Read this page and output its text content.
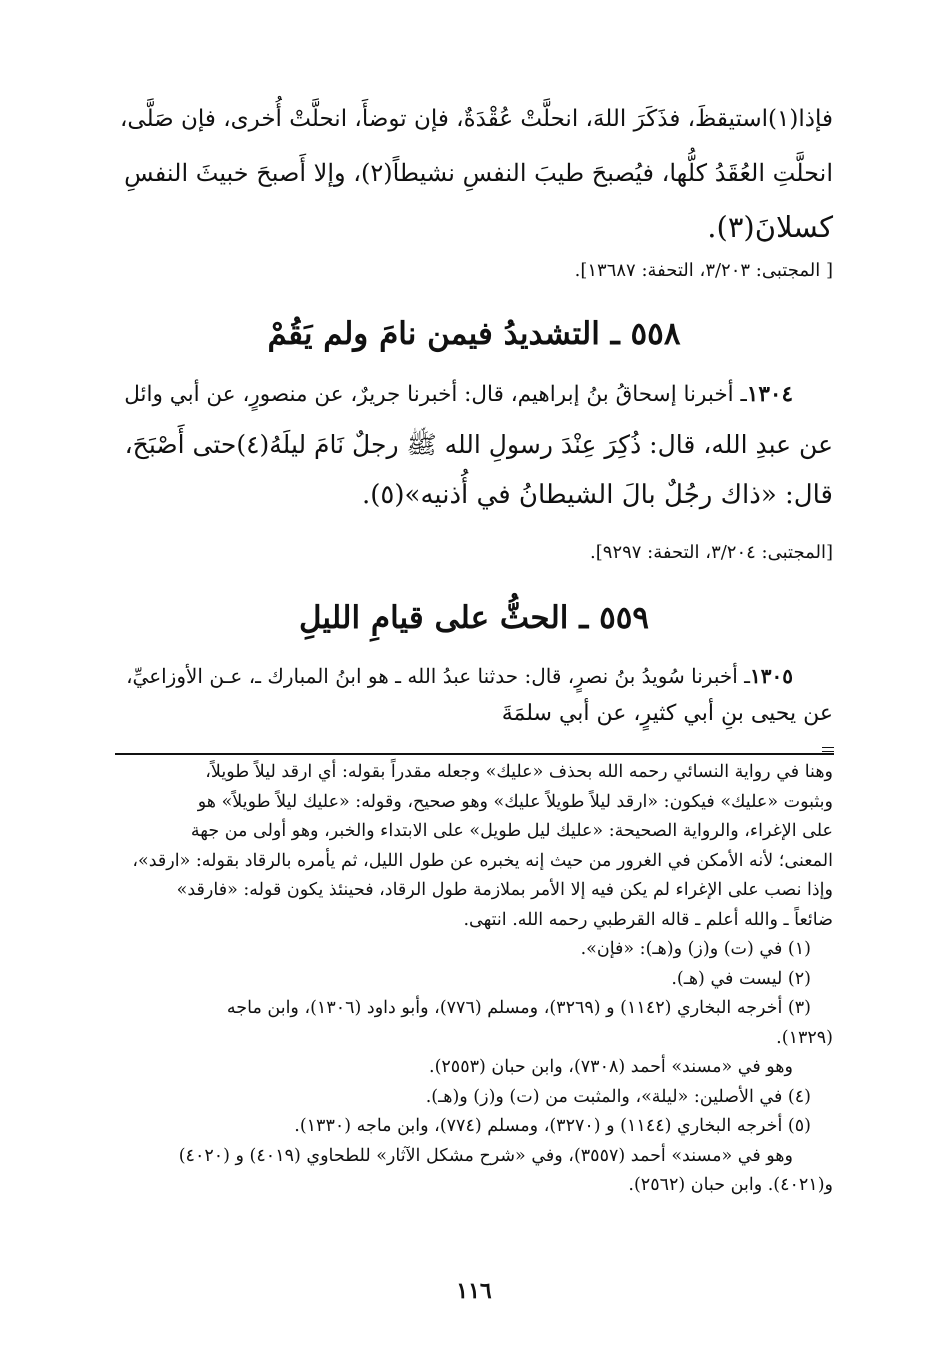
فإذا(١)استيقظَ، فذَكَرَ اللهَ، انحلَّتْ عُقْدَةٌ، فإن توضأَ، انحلَّتْ أُخرى، فإن صَلَّى،
انحلَّتِ العُقَدُ كلُّها، فيُصبحَ طيبَ النفسِ نشيطاً(٢)، وإلا أَصبحَ خبيثَ النفسِ
كسلانَ(٣).
[ المجتبى: ٣/٢٠٣، التحفة: ١٣٦٨٧].
٥٥٨ ـ التشديدُ فيمن نامَ ولم يَقُمْ
١٣٠٤ـ أخبرنا إسحاقُ بنُ إبراهيم، قال: أخبرنا جريرٌ، عن منصورٍ، عن أبي وائل
عن عبدِ الله، قال: ذُكِرَ عِنْدَ رسولِ الله ﷺ رجلٌ نَامَ ليلَهُ(٤)حتى أَصْبَحَ،
قال: «ذاك رجُلٌ بالَ الشيطانُ في أُذنيه»(٥).
[المجتبى: ٣/٢٠٤، التحفة: ٩٢٩٧].
٥٥٩ ـ الحثُّ على قيامِ الليلِ
١٣٠٥ـ أخبرنا سُويدُ بنُ نصرٍ، قال: حدثنا عبدُ الله ـ هو ابنُ المبارك ـ، عـن الأوزاعيِّ،
عن يحيى بنِ أبي كثيرٍ، عن أبي سلمَةَ
وهنا في رواية النسائي رحمه الله بحذف «عليك» وجعله مقدراً بقوله: أي ارقد ليلاً طويلاً،
وبثبوت «عليك» فيكون: «ارقد ليلاً طويلاً عليك» وهو صحيح، وقوله: «عليك ليلاً طويلاً» هو
على الإغراء، والرواية الصحيحة: «عليك ليل طويل» على الابتداء والخبر، وهو أولى من جهة
المعنى؛ لأنه الأمكن في الغرور من حيث إنه يخبره عن طول الليل، ثم يأمره بالرقاد بقوله: «ارقد»،
وإذا نصب على الإغراء لم يكن فيه إلا الأمر بملازمة طول الرقاد، فحينئذ يكون قوله: «فارقد»
ضائعاً ـ والله أعلم ـ قاله القرطبي رحمه الله. انتهى.
(١) في (ت) و(ز) و(هـ): «فإن».
(٢) ليست في (هـ).
(٣) أخرجه البخاري (١١٤٢) و (٣٢٦٩)، ومسلم (٧٧٦)، وأبو داود (١٣٠٦)، وابن ماجه
(١٣٢٩).
وهو في «مسند» أحمد (٧٣٠٨)، وابن حبان (٢٥٥٣).
(٤) في الأصلين: «ليلة»، والمثبت من (ت) و(ز) و(هـ).
(٥) أخرجه البخاري (١١٤٤) و (٣٢٧٠)، ومسلم (٧٧٤)، وابن ماجه (١٣٣٠).
وهو في «مسند» أحمد (٣٥٥٧)، وفي «شرح مشكل الآثار» للطحاوي (٤٠١٩) و (٤٠٢٠)
و(٤٠٢١). وابن حبان (٢٥٦٢).
١١٦
